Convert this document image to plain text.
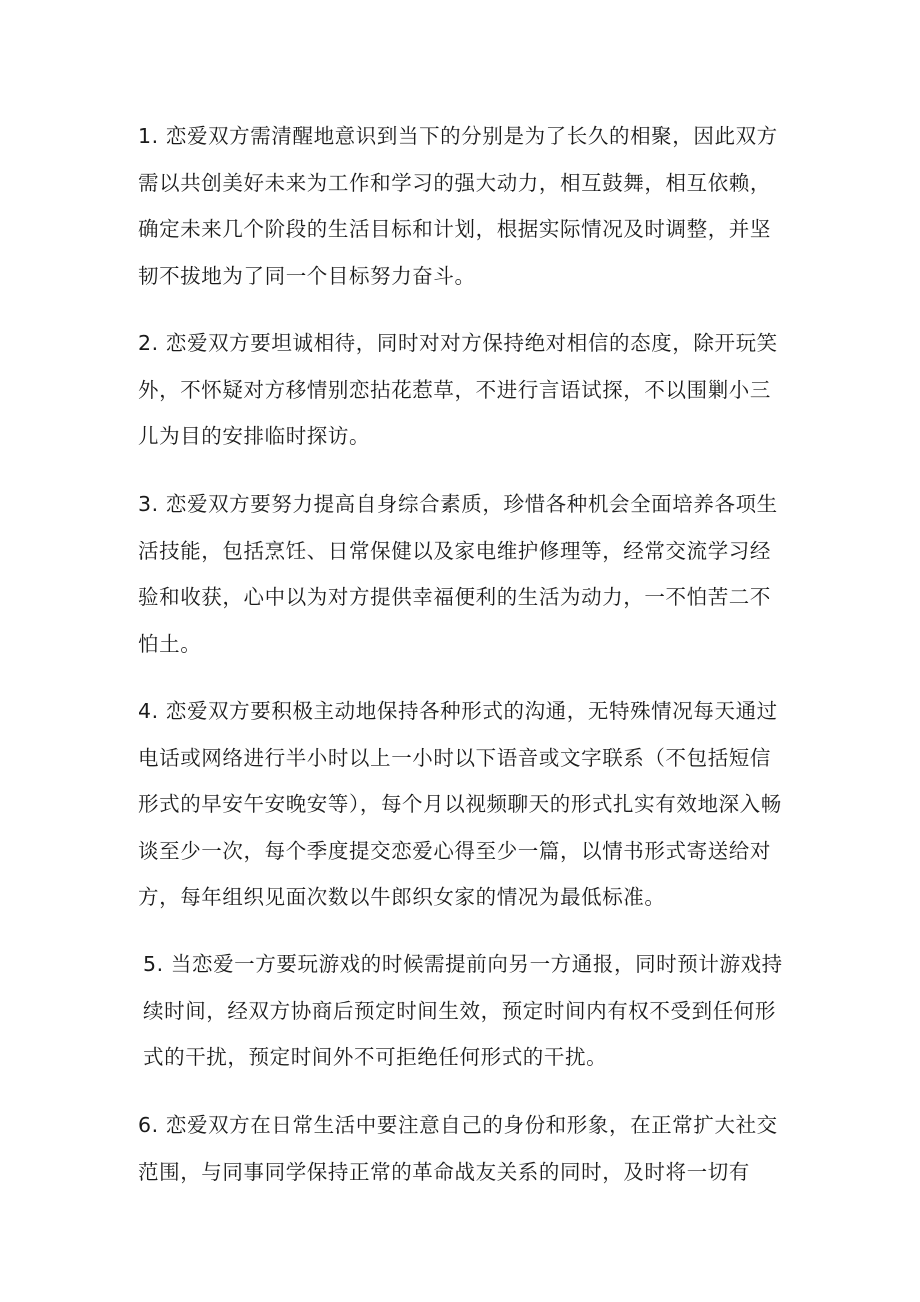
1. 恋爱双方需清醒地意识到当下的分别是为了长久的相聚，因此双方需以共创美好未来为工作和学习的强大动力，相互鼓舞，相互依赖，确定未来几个阶段的生活目标和计划，根据实际情况及时调整，并坚韧不拔地为了同一个目标努力奋斗。

2. 恋爱双方要坦诚相待，同时对对方保持绝对相信的态度，除开玩笑外，不怀疑对方移情别恋拈花惹草，不进行言语试探，不以围剿小三儿为目的安排临时探访。

3. 恋爱双方要努力提高自身综合素质，珍惜各种机会全面培养各项生活技能，包括烹饪、日常保健以及家电维护修理等，经常交流学习经验和收获，心中以为对方提供幸福便利的生活为动力，一不怕苦二不怕土。

4. 恋爱双方要积极主动地保持各种形式的沟通，无特殊情况每天通过电话或网络进行半小时以上一小时以下语音或文字联系（不包括短信形式的早安午安晚安等），每个月以视频聊天的形式扎实有效地深入畅谈至少一次，每个季度提交恋爱心得至少一篇，以情书形式寄送给对方，每年组织见面次数以牛郎织女家的情况为最低标准。

5. 当恋爱一方要玩游戏的时候需提前向另一方通报，同时预计游戏持续时间，经双方协商后预定时间生效，预定时间内有权不受到任何形式的干扰，预定时间外不可拒绝任何形式的干扰。

6. 恋爱双方在日常生活中要注意自己的身份和形象，在正常扩大社交范围，与同事同学保持正常的革命战友关系的同时，及时将一切有
